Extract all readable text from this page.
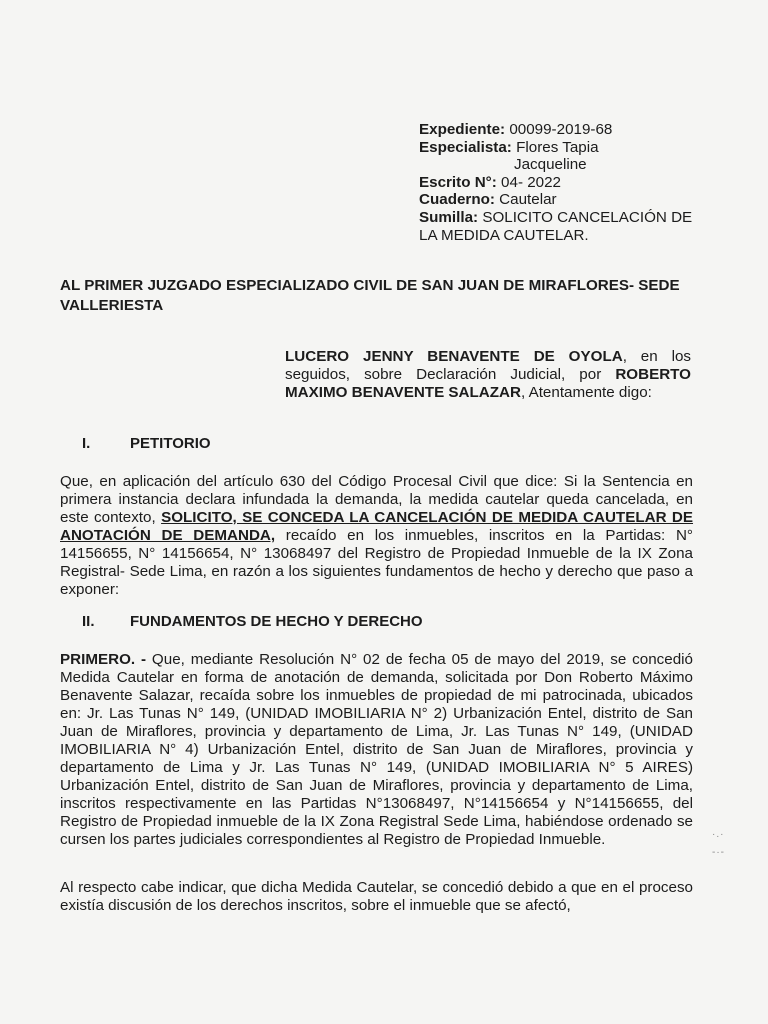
Expediente: 00099-2019-68
Especialista: Flores Tapia
Jacqueline
Escrito N°: 04- 2022
Cuaderno: Cautelar
Sumilla: SOLICITO CANCELACIÓN DE
LA MEDIDA CAUTELAR.
AL PRIMER JUZGADO ESPECIALIZADO CIVIL DE SAN JUAN DE MIRAFLORES- SEDE
VALLERIESTA
LUCERO JENNY BENAVENTE DE OYOLA, en los seguidos, sobre Declaración Judicial, por ROBERTO MAXIMO BENAVENTE SALAZAR, Atentamente digo:
I.	PETITORIO
Que, en aplicación del artículo 630 del Código Procesal Civil que dice: Si la Sentencia en primera instancia declara infundada la demanda, la medida cautelar queda cancelada, en este contexto, SOLICITO, SE CONCEDA LA CANCELACIÓN DE MEDIDA CAUTELAR DE ANOTACIÓN DE DEMANDA, recaído en los inmuebles, inscritos en la Partidas: N° 14156655, N° 14156654, N° 13068497 del Registro de Propiedad Inmueble de la IX Zona Registral- Sede Lima, en razón a los siguientes fundamentos de hecho y derecho que paso a exponer:
II. FUNDAMENTOS DE HECHO Y DERECHO
PRIMERO. - Que, mediante Resolución N° 02 de fecha 05 de mayo del 2019, se concedió Medida Cautelar en forma de anotación de demanda, solicitada por Don Roberto Máximo Benavente Salazar, recaída sobre los inmuebles de propiedad de mi patrocinada, ubicados en: Jr. Las Tunas N° 149, (UNIDAD IMOBILIARIA N° 2) Urbanización Entel, distrito de San Juan de Miraflores, provincia y departamento de Lima, Jr. Las Tunas N° 149, (UNIDAD IMOBILIARIA N° 4) Urbanización Entel, distrito de San Juan de Miraflores, provincia y departamento de Lima y Jr. Las Tunas N° 149, (UNIDAD IMOBILIARIA N° 5 AIRES) Urbanización Entel, distrito de San Juan de Miraflores, provincia y departamento de Lima, inscritos respectivamente en las Partidas N°13068497, N°14156654 y N°14156655, del Registro de Propiedad inmueble de la IX Zona Registral Sede Lima, habiéndose ordenado se cursen los partes judiciales correspondientes al Registro de Propiedad Inmueble.
Al respecto cabe indicar, que dicha Medida Cautelar, se concedió debido a que en el proceso existía discusión de los derechos inscritos, sobre el inmueble que se afectó,
·.·
-·-
